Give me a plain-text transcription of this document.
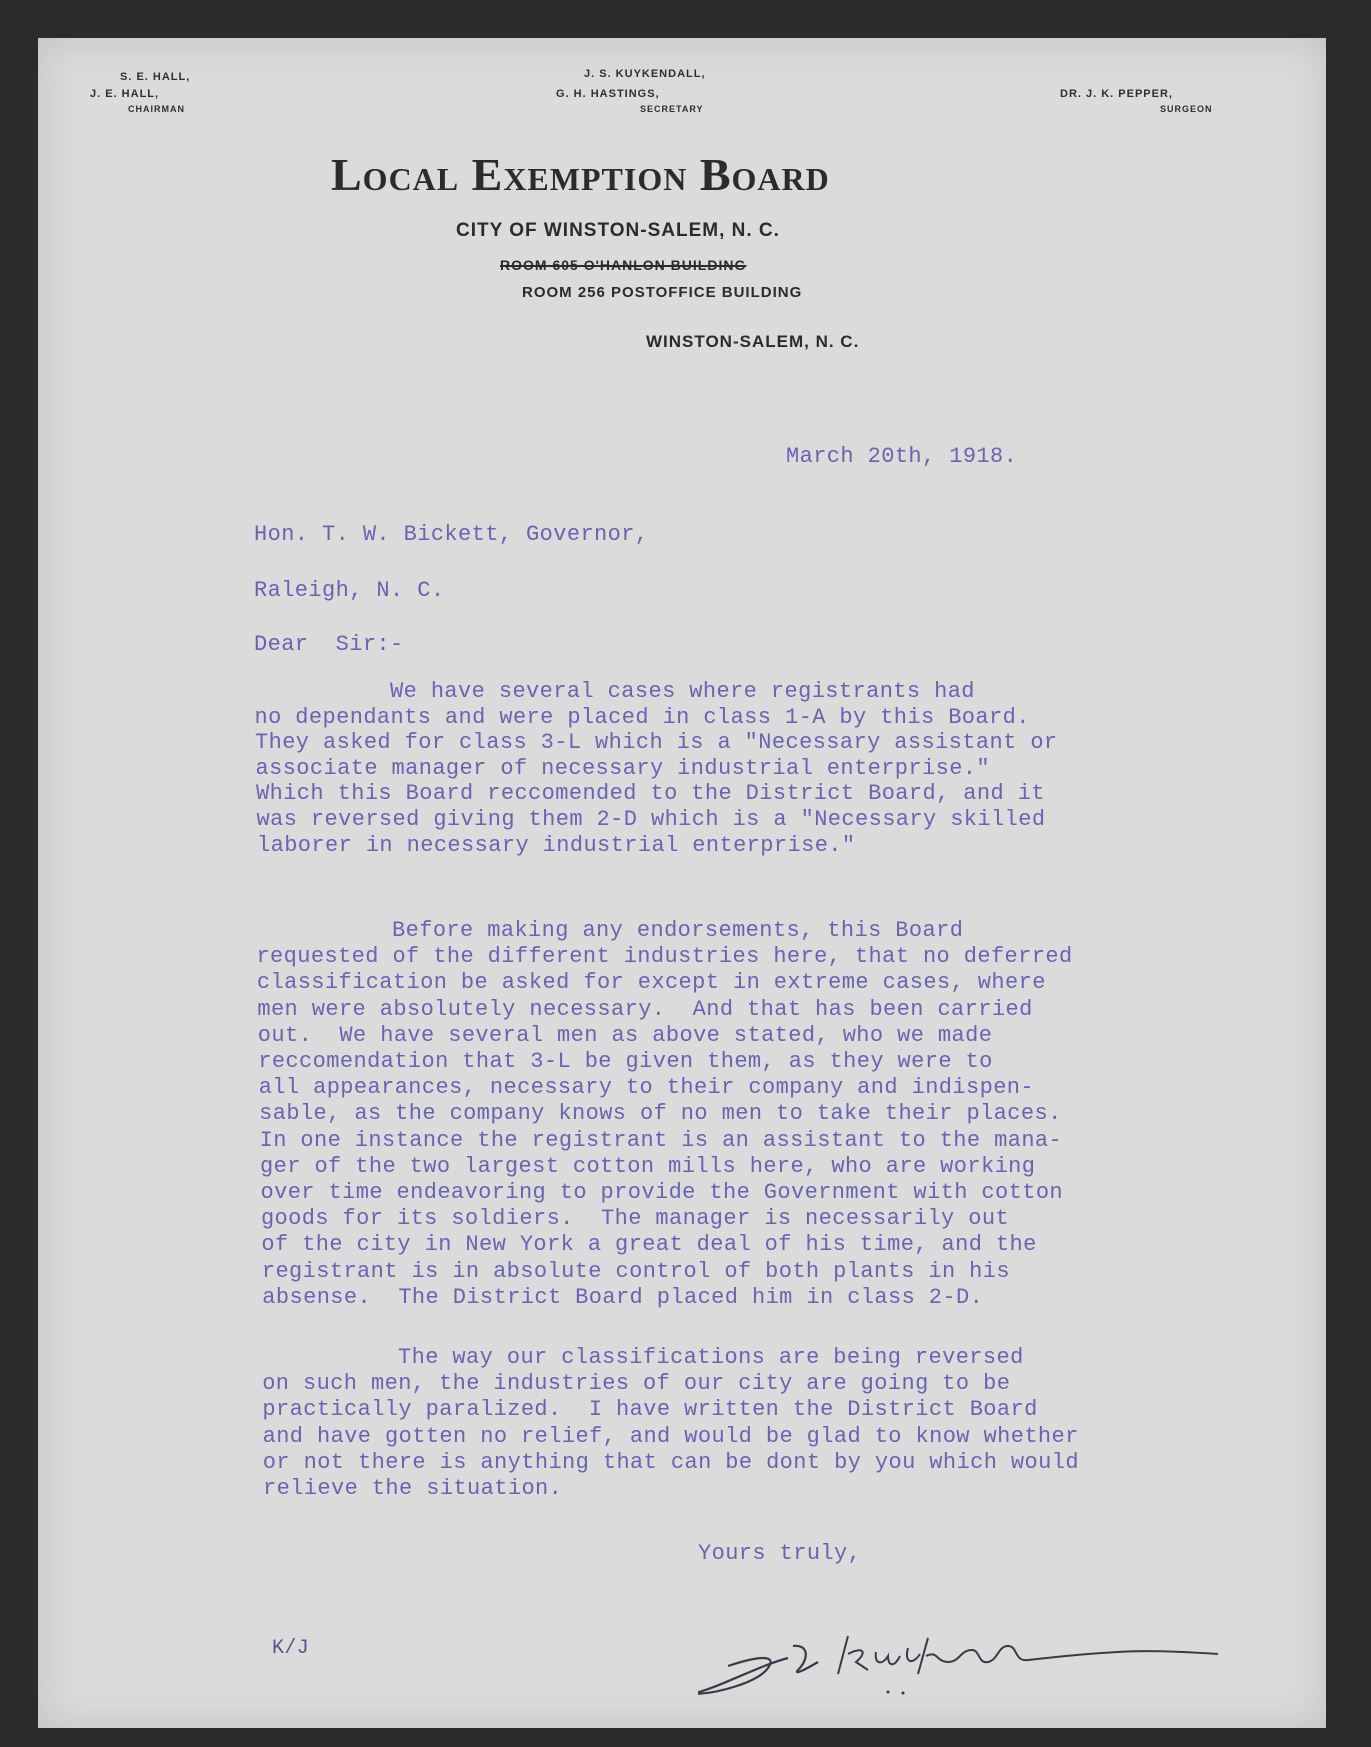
S. E. HALL,
J. E. HALL,
CHAIRMAN
J. S. KUYKENDALL,
G. H. HASTINGS,
SECRETARY
DR. J. K. PEPPER,
SURGEON
Local Exemption Board
CITY OF WINSTON-SALEM, N. C.
ROOM 605 O'HANLON BUILDING
ROOM 256 POSTOFFICE BUILDING
WINSTON-SALEM, N. C.
March 20th, 1918.
Hon. T. W. Bickett, Governor,
Raleigh, N. C.
Dear  Sir:-
We have several cases where registrants had
no dependants and were placed in class 1-A by this Board.
They asked for class 3-L which is a "Necessary assistant or
associate manager of necessary industrial enterprise."
Which this Board reccomended to the District Board, and it
was reversed giving them 2-D which is a "Necessary skilled
laborer in necessary industrial enterprise."
Before making any endorsements, this Board
requested of the different industries here, that no deferred
classification be asked for except in extreme cases, where
men were absolutely necessary.  And that has been carried
out.  We have several men as above stated, who we made
reccomendation that 3-L be given them, as they were to
all appearances, necessary to their company and indispen-
sable, as the company knows of no men to take their places.
In one instance the registrant is an assistant to the mana-
ger of the two largest cotton mills here, who are working
over time endeavoring to provide the Government with cotton
goods for its soldiers.  The manager is necessarily out
of the city in New York a great deal of his time, and the
registrant is in absolute control of both plants in his
absense.  The District Board placed him in class 2-D.
The way our classifications are being reversed
on such men, the industries of our city are going to be
practically paralized.  I have written the District Board
and have gotten no relief, and would be glad to know whether
or not there is anything that can be dont by you which would
relieve the situation.
Yours truly,
K/J
